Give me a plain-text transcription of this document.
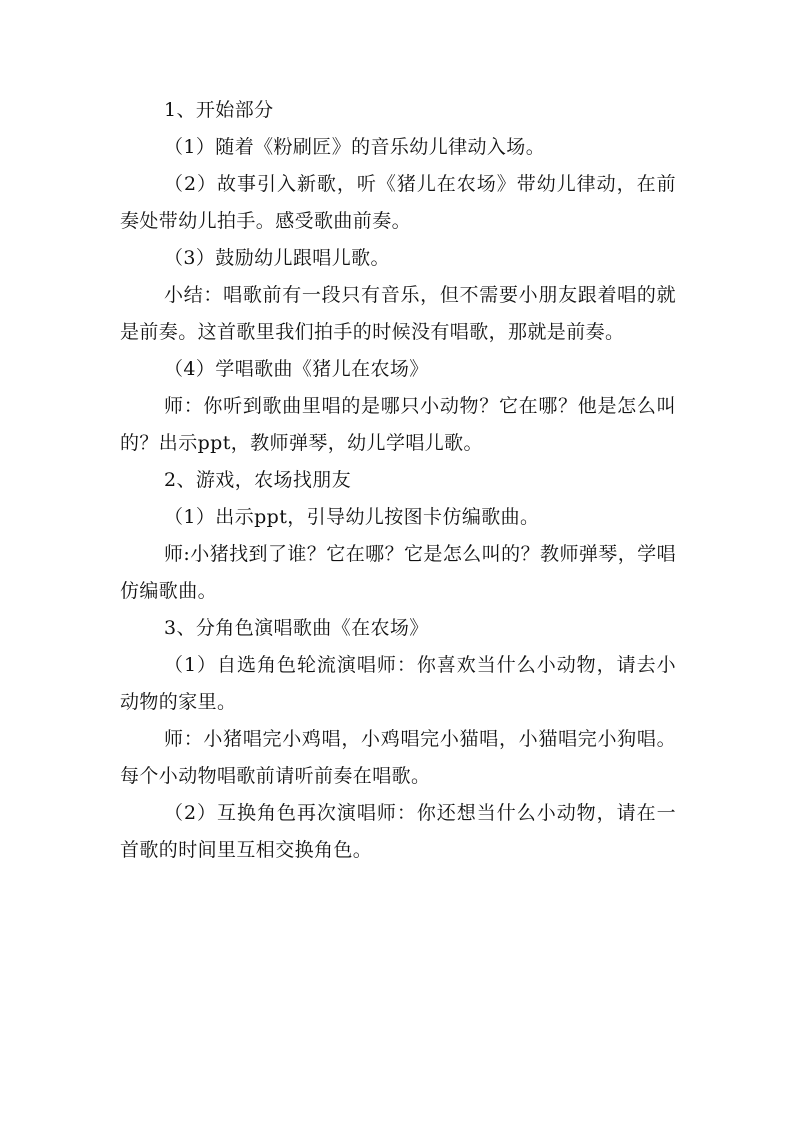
1、开始部分

（1）随着《粉刷匠》的音乐幼儿律动入场。

（2）故事引入新歌，听《猪儿在农场》带幼儿律动，在前奏处带幼儿拍手。感受歌曲前奏。

（3）鼓励幼儿跟唱儿歌。

小结：唱歌前有一段只有音乐，但不需要小朋友跟着唱的就是前奏。这首歌里我们拍手的时候没有唱歌，那就是前奏。

（4）学唱歌曲《猪儿在农场》

师：你听到歌曲里唱的是哪只小动物？它在哪？他是怎么叫的？出示ppt，教师弹琴，幼儿学唱儿歌。

2、游戏，农场找朋友

（1）出示ppt，引导幼儿按图卡仿编歌曲。

师:小猪找到了谁？它在哪？它是怎么叫的？教师弹琴，学唱仿编歌曲。

3、分角色演唱歌曲《在农场》

（1）自选角色轮流演唱师：你喜欢当什么小动物，请去小动物的家里。

师：小猪唱完小鸡唱，小鸡唱完小猫唱，小猫唱完小狗唱。每个小动物唱歌前请听前奏在唱歌。

（2）互换角色再次演唱师：你还想当什么小动物，请在一首歌的时间里互相交换角色。
